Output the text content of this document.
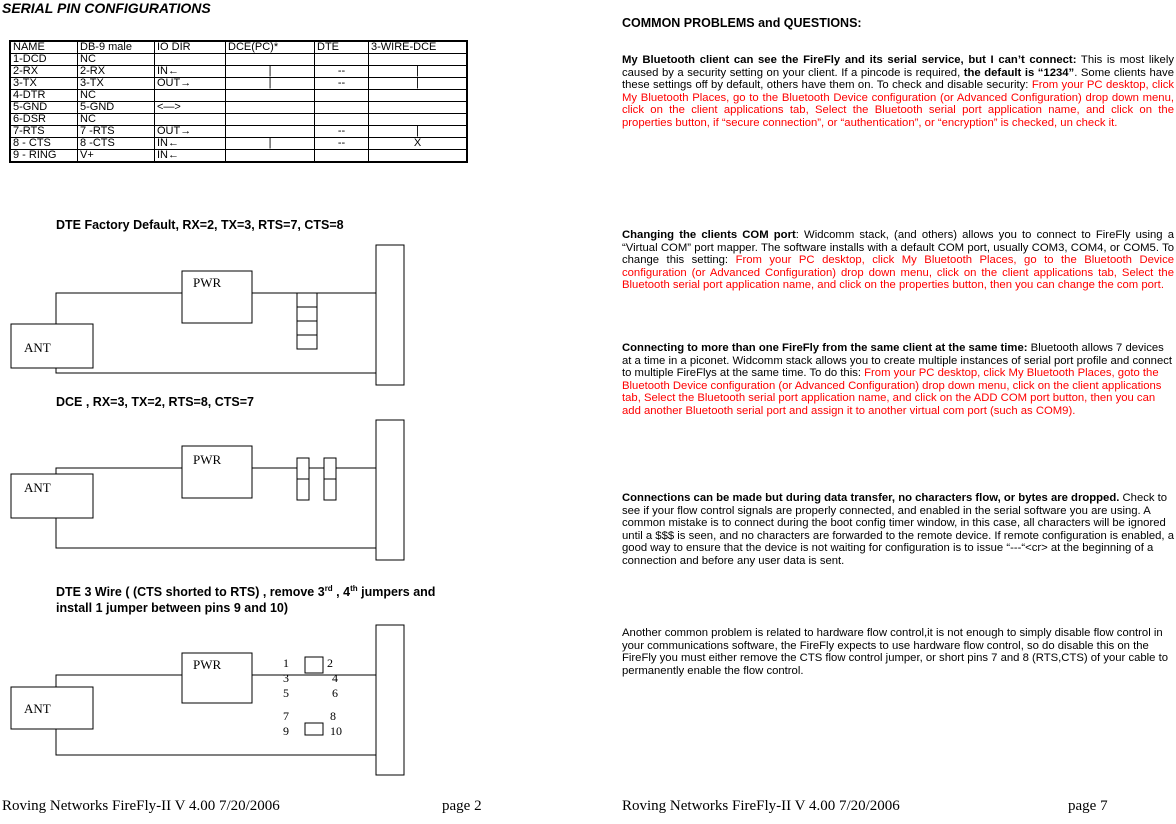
SERIAL PIN CONFIGURATIONS
NAME	DB-9 male	IO DIR	DCE(PC)*	DTE	3-WIRE-DCE
1-DCD	NC				
2-RX	2-RX	IN←	|	--	|
3-TX	3-TX	OUT→	|	--	|
4-DTR	NC				
5-GND	5-GND	<—>			
6-DSR	NC				
7-RTS	7 -RTS	OUT→		--	|
8 - CTS	8 -CTS	IN←	|	--	X
9 - RING	V+	IN←			
DTE Factory Default, RX=2, TX=3, RTS=7, CTS=8
PWR
ANT
DCE , RX=3, TX=2, RTS=8, CTS=7
PWR
ANT
DTE 3 Wire ( (CTS shorted to RTS) , remove 3rd , 4th jumpers and
install 1 jumper between pins 9 and 10)
PWR
ANT
1
3
5
7
9
2
4
6
8
10
Roving Networks FireFly-II V 4.00 7/20/2006	page 2	Roving Networks FireFly-II V 4.00 7/20/2006	page 7
COMMON PROBLEMS and QUESTIONS:
My Bluetooth client can see the FireFly and its serial service, but I can’t connect: This is most likely caused by a security setting on your client. If a pincode is required, the default is “1234”. Some clients have these settings off by default, others have them on. To check and disable security: From your PC desktop, click My Bluetooth Places, go to the Bluetooth Device configuration (or Advanced Configuration) drop down menu, click on the client applications tab, Select the Bluetooth serial port application name, and click on the properties button, if “secure connection”, or “authentication”, or “encryption” is checked, un check it.
Changing the clients COM port: Widcomm stack, (and others) allows you to connect to FireFly using a “Virtual COM” port mapper. The software installs with a default COM port, usually COM3, COM4, or COM5. To change this setting: From your PC desktop, click My Bluetooth Places, go to the Bluetooth Device configuration (or Advanced Configuration) drop down menu, click on the client applications tab, Select the Bluetooth serial port application name, and click on the properties button, then you can change the com port.
Connecting to more than one FireFly from the same client at the same time: Bluetooth allows 7 devices at a time in a piconet. Widcomm stack allows you to create multiple instances of serial port profile and connect to multiple FireFlys at the same time. To do this: From your PC desktop, click My Bluetooth Places, goto the Bluetooth Device configuration (or Advanced Configuration) drop down menu, click on the client applications tab, Select the Bluetooth serial port application name, and click on the ADD COM port button, then you can add another Bluetooth serial port and assign it to another virtual com port (such as COM9).
Connections can be made but during data transfer, no characters flow, or bytes are dropped. Check to see if your flow control signals are properly connected, and enabled in the serial software you are using. A common mistake is to connect during the boot config timer window, in this case, all characters will be ignored until a $$$ is seen, and no characters are forwarded to the remote device. If remote configuration is enabled, a good way to ensure that the device is not waiting for configuration is to issue “---“<cr> at the beginning of a connection and before any user data is sent.
Another common problem is related to hardware flow control,it is not enough to simply disable flow control in your communications software, the FireFly expects to use hardware flow control, so do disable this on the FireFly you must either remove the CTS flow control jumper, or short pins 7 and 8 (RTS,CTS) of your cable to permanently enable the flow control.
